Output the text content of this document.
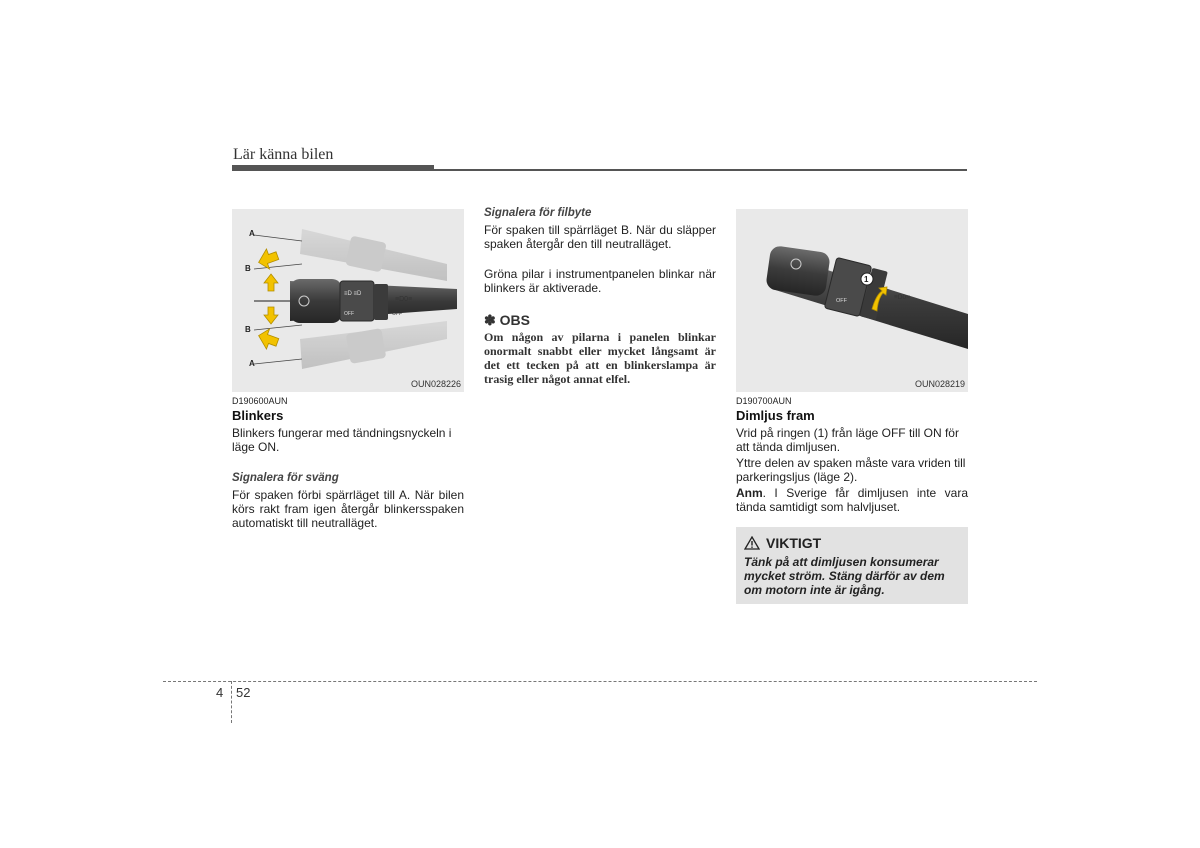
Lär känna bilen
≡D ≡D
OFF	OFF
≡D0≡
A
B
B
A
OUN028226
D190600AUN
Blinkers
Blinkers fungerar med tändningsnyckeln i läge ON.
Signalera för sväng
För spaken förbi spärrläget till A. När bilen körs rakt fram igen återgår blinkersspaken automatiskt till neutralläget.
Signalera för filbyte
För spaken till spärrläget B. När du släpper spaken återgår den till neutralläget.
Gröna pilar i instrumentpanelen blinkar när blinkers är aktiverade.
✽ OBS
Om någon av pilarna i panelen blinkar onormalt snabbt eller mycket långsamt är det ett tecken på att en blinkerslampa är trasig eller något annat elfel.
OFF	≡D0≡
1
OUN028219
D190700AUN
Dimljus fram
Vrid på ringen (1) från läge OFF till ON för att tända dimljusen.
Yttre delen av spaken måste vara vriden till parkeringsljus (läge 2).
Anm. I Sverige får dimljusen inte vara tända samtidigt som halvljuset.
VIKTIGT
Tänk på att dimljusen konsumerar mycket ström. Stäng därför av dem om motorn inte är igång.
4 52
